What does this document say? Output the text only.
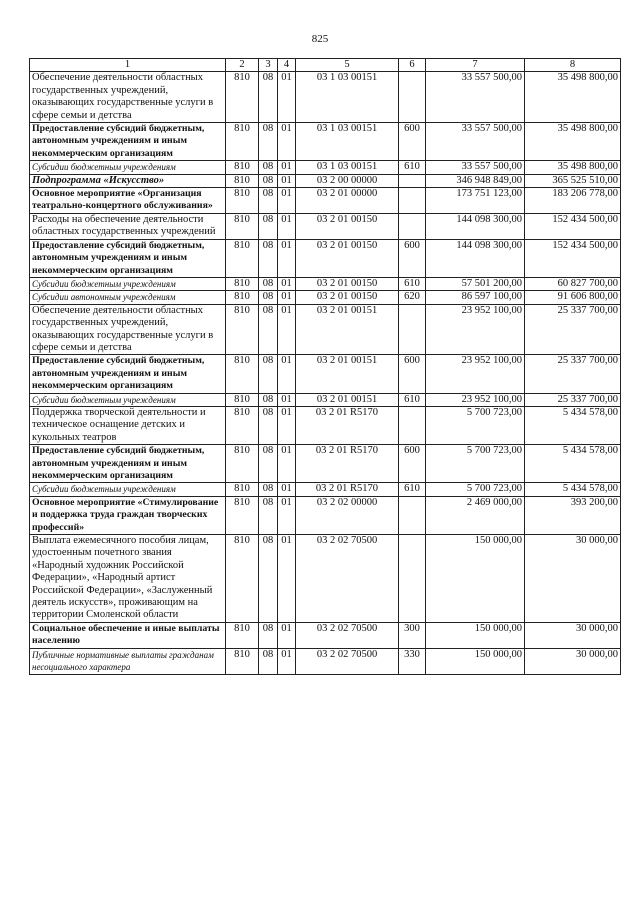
825
1	2	3	4	5	6	7	8
Обеспечение деятельности областных государственных учреждений, оказывающих государственные услуги в сфере семьи и детства	810	08	01	03 1 03 00151		33 557 500,00	35 498 800,00
Предоставление субсидий бюджетным, автономным учреждениям и иным некоммерческим организациям	810	08	01	03 1 03 00151	600	33 557 500,00	35 498 800,00
Субсидии бюджетным учреждениям	810	08	01	03 1 03 00151	610	33 557 500,00	35 498 800,00
Подпрограмма «Искусство»	810	08	01	03 2 00 00000		346 948 849,00	365 525 510,00
Основное мероприятие «Организация театрально-концертного обслуживания»	810	08	01	03 2 01 00000		173 751 123,00	183 206 778,00
Расходы на обеспечение деятельности областных государственных учреждений	810	08	01	03 2 01 00150		144 098 300,00	152 434 500,00
Предоставление субсидий бюджетным, автономным учреждениям и иным некоммерческим организациям	810	08	01	03 2 01 00150	600	144 098 300,00	152 434 500,00
Субсидии бюджетным учреждениям	810	08	01	03 2 01 00150	610	57 501 200,00	60 827 700,00
Субсидии автономным учреждениям	810	08	01	03 2 01 00150	620	86 597 100,00	91 606 800,00
Обеспечение деятельности областных государственных учреждений, оказывающих государственные услуги в сфере семьи и детства	810	08	01	03 2 01 00151		23 952 100,00	25 337 700,00
Предоставление субсидий бюджетным, автономным учреждениям и иным некоммерческим организациям	810	08	01	03 2 01 00151	600	23 952 100,00	25 337 700,00
Субсидии бюджетным учреждениям	810	08	01	03 2 01 00151	610	23 952 100,00	25 337 700,00
Поддержка творческой деятельности и техническое оснащение детских и кукольных театров	810	08	01	03 2 01 R5170		5 700 723,00	5 434 578,00
Предоставление субсидий бюджетным, автономным учреждениям и иным некоммерческим организациям	810	08	01	03 2 01 R5170	600	5 700 723,00	5 434 578,00
Субсидии бюджетным учреждениям	810	08	01	03 2 01 R5170	610	5 700 723,00	5 434 578,00
Основное мероприятие «Стимулирование и поддержка труда граждан творческих профессий»	810	08	01	03 2 02 00000		2 469 000,00	393 200,00
Выплата ежемесячного пособия лицам, удостоенным почетного звания «Народный художник Российской Федерации», «Народный артист Российской Федерации», «Заслуженный деятель искусств», проживающим на территории Смоленской области	810	08	01	03 2 02 70500		150 000,00	30 000,00
Социальное обеспечение и иные выплаты населению	810	08	01	03 2 02 70500	300	150 000,00	30 000,00
Публичные нормативные выплаты гражданам несоциального характера	810	08	01	03 2 02 70500	330	150 000,00	30 000,00
